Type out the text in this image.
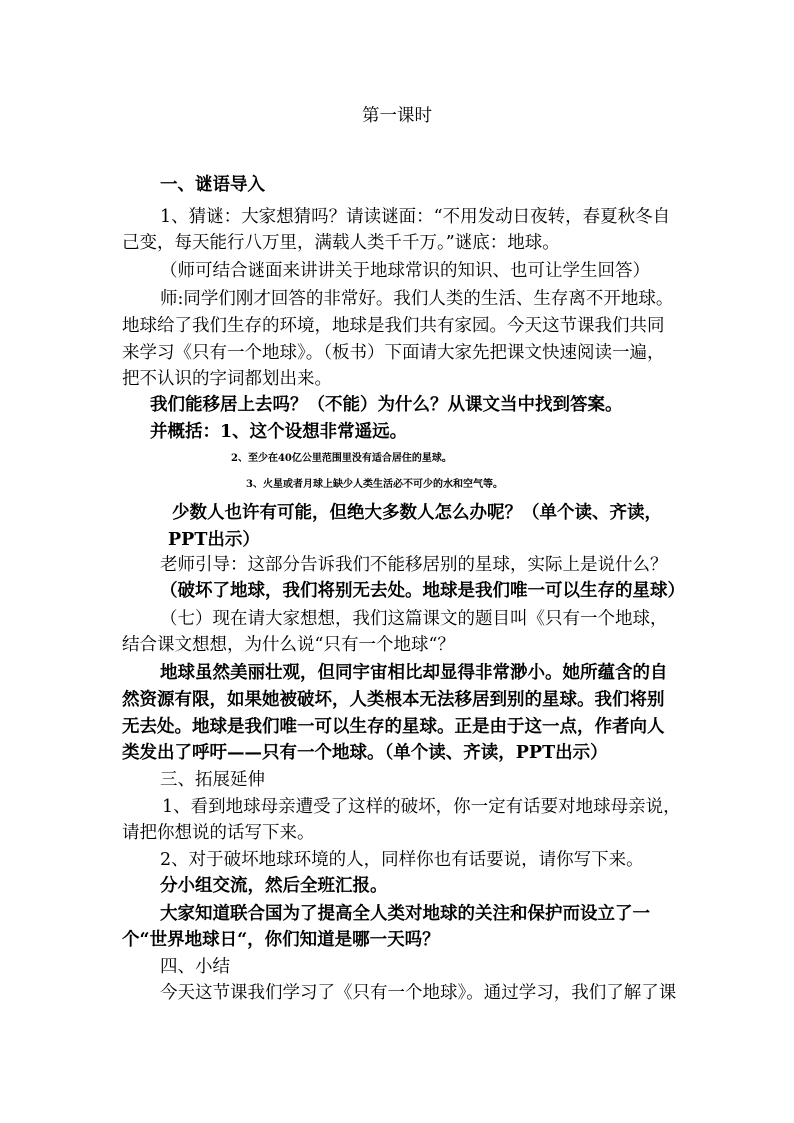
第一课时
一、谜语导入
1、猜谜：大家想猜吗？请读谜面：“不用发动日夜转，春夏秋冬自
己变，每天能行八万里，满载人类千千万。”谜底：地球。
（师可结合谜面来讲讲关于地球常识的知识、也可让学生回答）
师:同学们刚才回答的非常好。我们人类的生活、生存离不开地球。
地球给了我们生存的环境，地球是我们共有家园。今天这节课我们共同
来学习《只有一个地球》。（板书）下面请大家先把课文快速阅读一遍，
把不认识的字词都划出来。
我们能移居上去吗？（不能）为什么？从课文当中找到答案。
并概括：1、这个设想非常遥远。
2、至少在40亿公里范围里没有适合居住的星球。
3、火星或者月球上缺少人类生活必不可少的水和空气等。
少数人也许有可能，但绝大多数人怎么办呢？（单个读、齐读，
PPT出示）
老师引导：这部分告诉我们不能移居别的星球，实际上是说什么？
（破坏了地球，我们将别无去处。地球是我们唯一可以生存的星球）
（七）现在请大家想想，我们这篇课文的题目叫《只有一个地球，
结合课文想想，为什么说“只有一个地球“？
地球虽然美丽壮观，但同宇宙相比却显得非常渺小。她所蕴含的自
然资源有限，如果她被破坏，人类根本无法移居到别的星球。我们将别
无去处。地球是我们唯一可以生存的星球。正是由于这一点，作者向人
类发出了呼吁——只有一个地球。（单个读、齐读，PPT出示）
三、拓展延伸
1、看到地球母亲遭受了这样的破坏，你一定有话要对地球母亲说，
请把你想说的话写下来。
2、对于破坏地球环境的人，同样你也有话要说，请你写下来。
分小组交流，然后全班汇报。
大家知道联合国为了提高全人类对地球的关注和保护而设立了一
个“世界地球日“，你们知道是哪一天吗？
四、小结
今天这节课我们学习了《只有一个地球》。通过学习，我们了解了课
